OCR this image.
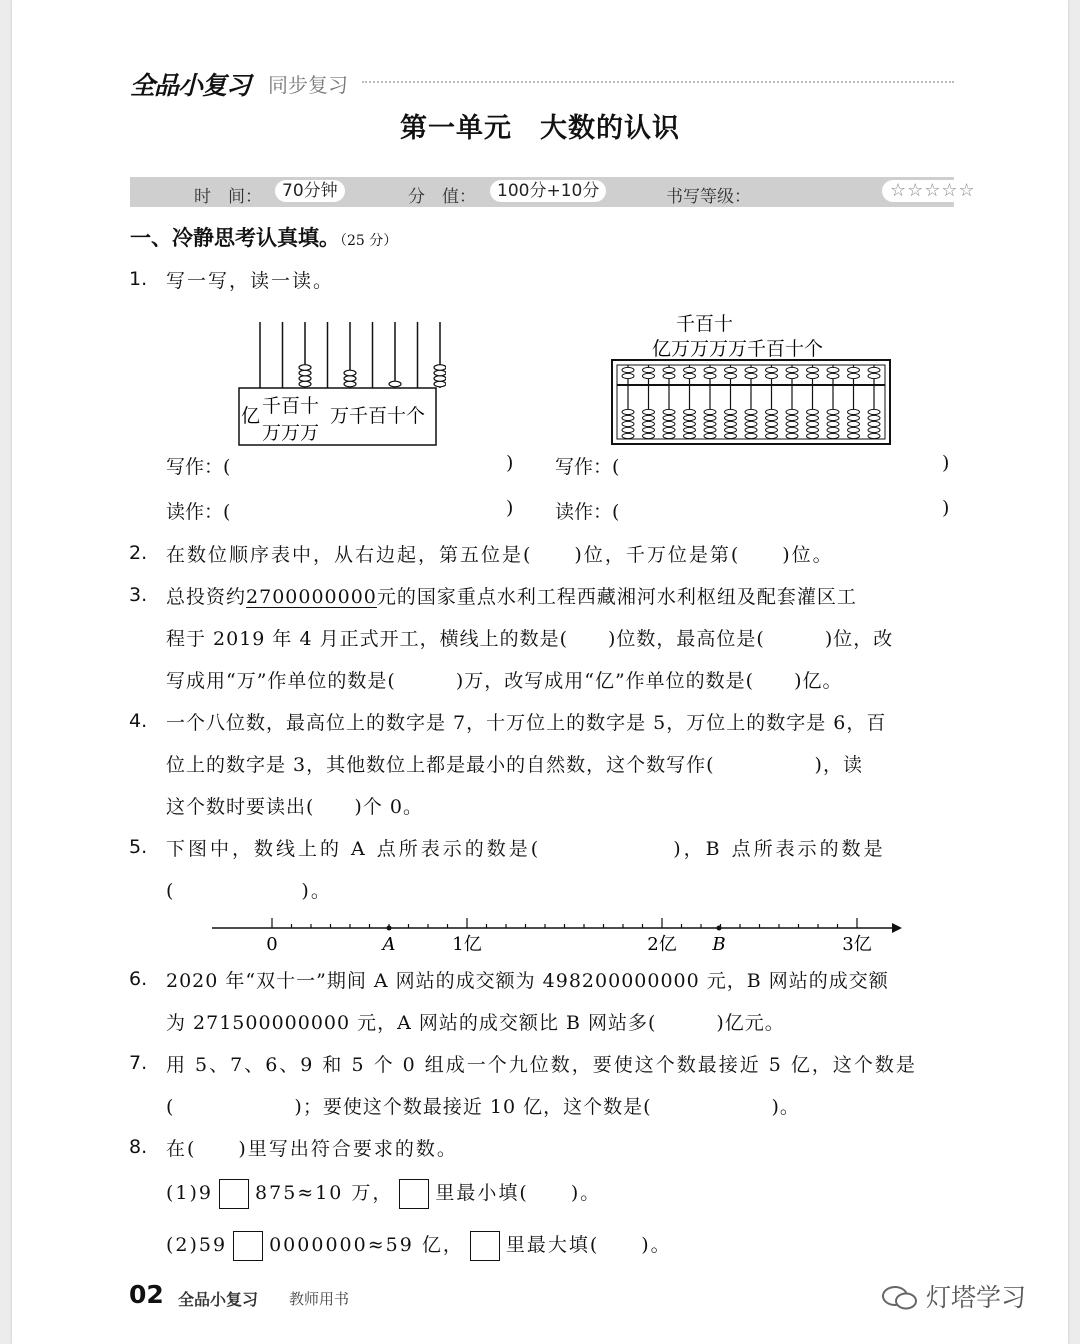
全品小复习 同步复习
第一单元　大数的认识
时　间：	70分钟	分　值：	100分+10分	书写等级：	☆☆☆☆☆
一、冷静思考认真填。（25 分）
1. 写一写，读一读。
亿 千百十
万万万
万千百十个
千百十
亿万万万万千百十个
写作：(	) 写作：(	)
读作：(	) 读作：(	)
2. 在数位顺序表中，从右边起，第五位是(　　)位，千万位是第(　　)位。
3. 总投资约2700000000元的国家重点水利工程西藏湘河水利枢纽及配套灌区工
程于 2019 年 4 月正式开工，横线上的数是(　　)位数，最高位是(　　　)位，改
写成用“万”作单位的数是(　　　)万，改写成用“亿”作单位的数是(　　)亿。
4. 一个八位数，最高位上的数字是 7，十万位上的数字是 5，万位上的数字是 6，百
位上的数字是 3，其他数位上都是最小的自然数，这个数写作(　　　　　)，读
这个数时要读出(　　)个 0。
5. 下图中，数线上的 A 点所表示的数是(　　　　　　)，B 点所表示的数是
(　　　　　　)。
0	A	1亿	2亿 B	3亿
6. 2020 年“双十一”期间 A 网站的成交额为 498200000000 元，B 网站的成交额
为 271500000000 元，A 网站的成交额比 B 网站多(　　　)亿元。
7. 用 5、7、6、9 和 5 个 0 组成一个九位数，要使这个数最接近 5 亿，这个数是
(　　　　　　)；要使这个数最接近 10 亿，这个数是(　　　　　　)。
8. 在(　　)里写出符合要求的数。
(1)9 875≈10 万， 里最小填(　　)。
(2)59 0000000≈59 亿， 里最大填(　　)。
02 全品小复习 教师用书	灯塔学习
